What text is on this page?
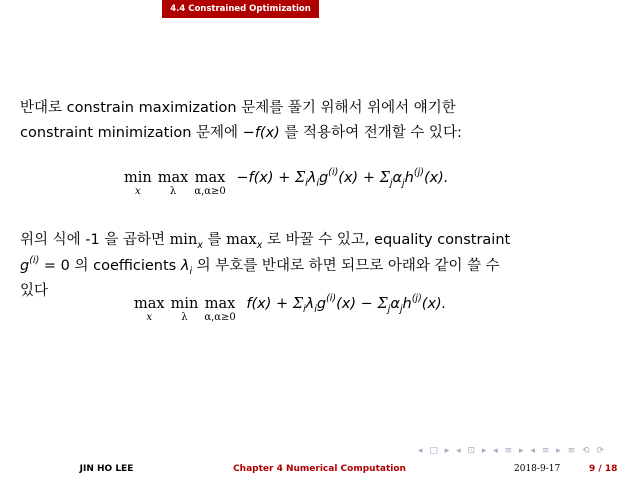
4.4 Constrained Optimization
반대로 constrain maximization 문제를 풀기 위해서 위에서 얘기한
constraint minimization 문제에 −f(x) 를 적용하여 전개할 수 있다:
min
x
max
λ
max
α,α≥0
$-f(x) + \Sigma_i\lambda_ig^{(i)}(x) + \Sigma_j\alpha_jh^{(j)}(x)$.
위의 식에 -1 을 곱하면 $\min_x$ 를 $\max_x$ 로 바꿀 수 있고, equality constraint
$g^{(i)} = 0$ 의 coefficients $\lambda_i$ 의 부호를 반대로 하면 되므로 아래와 같이 쓸 수
있다
max
x
min
λ
max
α,α≥0
$f(x) + \Sigma_i\lambda_ig^{(i)}(x) - \Sigma_j\alpha_jh^{(j)}(x)$.
◂ □ ▸ ◂ ⊡ ▸ ◂ ≡ ▸ ◂ ≡ ▸ ≡ ⟲ ⟳
JIN HO LEE	Chapter 4 Numerical Computation	2018-9-17	9 / 18
